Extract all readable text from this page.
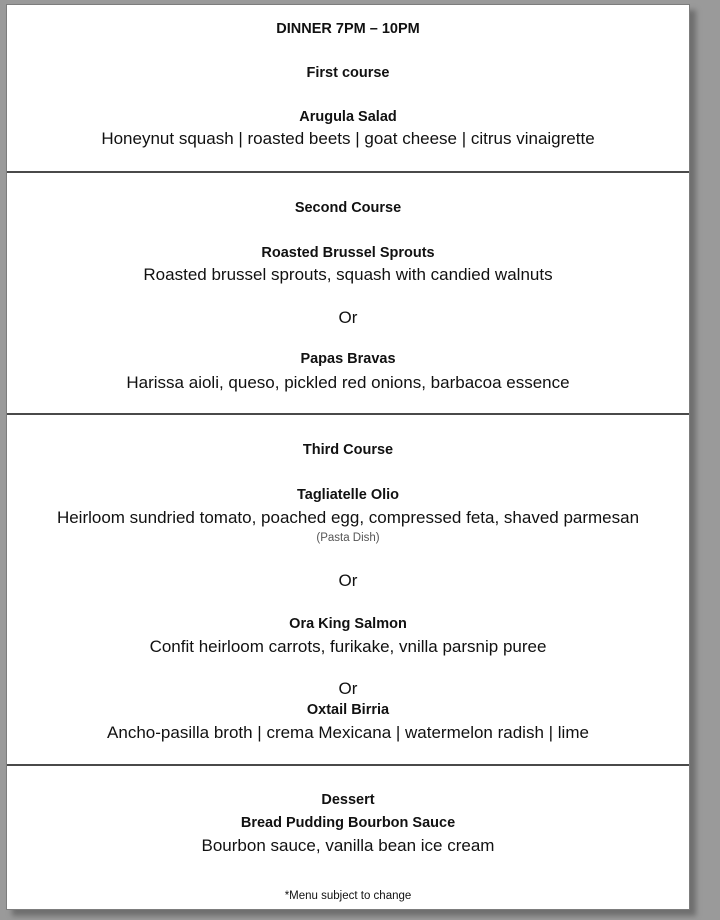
DINNER 7PM – 10PM
First course
Arugula Salad
Honeynut squash | roasted beets | goat cheese | citrus vinaigrette
Second Course
Roasted Brussel Sprouts
Roasted brussel sprouts, squash with candied walnuts
Or
Papas Bravas
Harissa aioli, queso, pickled red onions, barbacoa essence
Third Course
Tagliatelle Olio
Heirloom sundried tomato, poached egg, compressed feta, shaved parmesan
(Pasta Dish)
Or
Ora King Salmon
Confit heirloom carrots, furikake, vnilla parsnip puree
Or
Oxtail Birria
Ancho-pasilla broth | crema Mexicana | watermelon radish | lime
Dessert
Bread Pudding Bourbon Sauce
Bourbon sauce, vanilla bean ice cream
*Menu subject to change
